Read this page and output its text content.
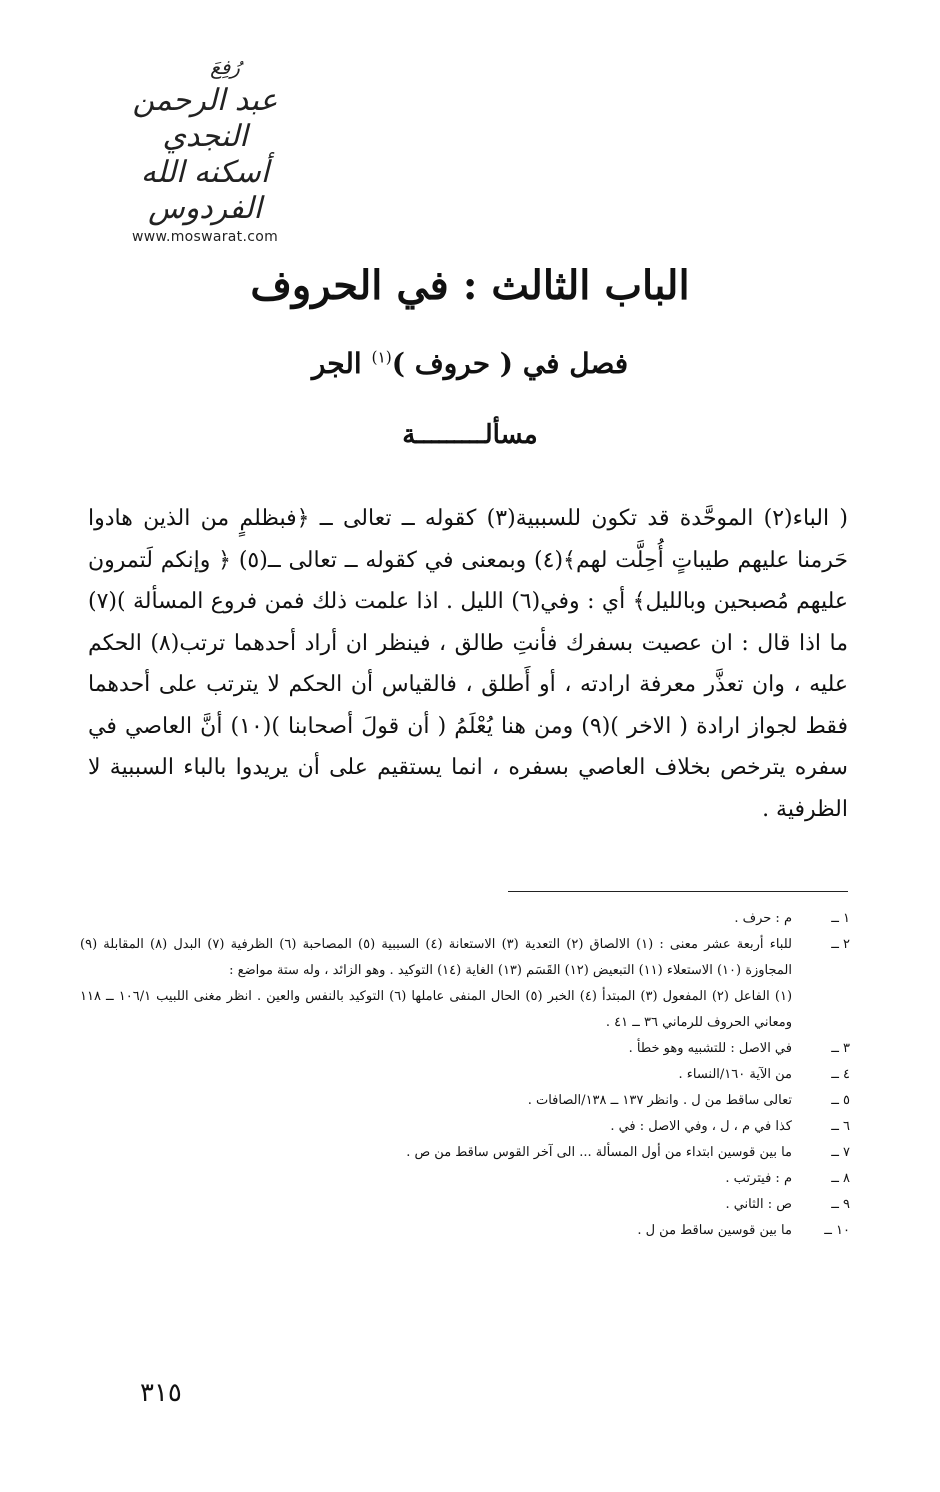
رُفِعَ
عبد الرحمن النجدي
أسكنه الله الفردوس
www.moswarat.com
الباب الثالث : في الحروف
فصل في ( حروف )$^{(١)}$ الجر
مسألـــــــــة

( الباء(٢) الموحَّدة قد تكون للسببية(٣) كقوله ــ تعالى ــ ﴿فبظلمٍ من الذين هادوا حَرمنا عليهم طيباتٍ أُحِلَّت لهم﴾(٤) وبمعنى في كقوله ــ تعالى ــ(٥) ﴿ وإنكم لَتمرون عليهم مُصبحين وبالليل﴾ أي : وفي(٦) الليل . اذا علمت ذلك فمن فروع المسألة )(٧) ما اذا قال : ان عصيت بسفرك فأنتِ طالق ، فينظر ان أراد أحدهما ترتب(٨) الحكم عليه ، وان تعذَّر معرفة ارادته ، أو أَطلق ، فالقياس أن الحكم لا يترتب على أحدهما فقط لجواز ارادة ( الاخر )(٩) ومن هنا يُعْلَمُ ( أن قولَ أصحابنا )(١٠) أنَّ العاصي في سفره يترخص بخلاف العاصي بسفره ، انما يستقيم على أن يريدوا بالباء السببية لا الظرفية .

١ ــ
م : حرف .
٢ ــ
للباء أربعة عشر معنى : (١) الالصاق (٢) التعدية (٣) الاستعانة (٤) السببية (٥) المصاحبة (٦) الظرفية (٧) البدل (٨) المقابلة (٩) المجاوزة (١٠) الاستعلاء (١١) التبعيض (١٢) القَسَم (١٣) الغاية (١٤) التوكيد . وهو الزائد ، وله ستة مواضع :
(١) الفاعل (٢) المفعول (٣) المبتدأ (٤) الخبر (٥) الحال المنفى عاملها (٦) التوكيد بالنفس والعين . انظر مغنى اللبيب ١٠٦/١ ــ ١١٨ ومعاني الحروف للرماني ٣٦ ــ ٤١ .
٣ ــ
في الاصل : للتشبيه وهو خطأ .
٤ ــ
من الآية ١٦٠/النساء .
٥ ــ
تعالى ساقط من ل . وانظر ١٣٧ ــ ١٣٨/الصافات .
٦ ــ
كذا في م ، ل ، وفي الاصل : في .
٧ ــ
ما بين قوسين ابتداء من أول المسألة ... الى آخر القوس ساقط من ص .
٨ ــ
م : فيترتب .
٩ ــ
ص : الثاني .
١٠ ــ
ما بين قوسين ساقط من ل .
٣١٥
